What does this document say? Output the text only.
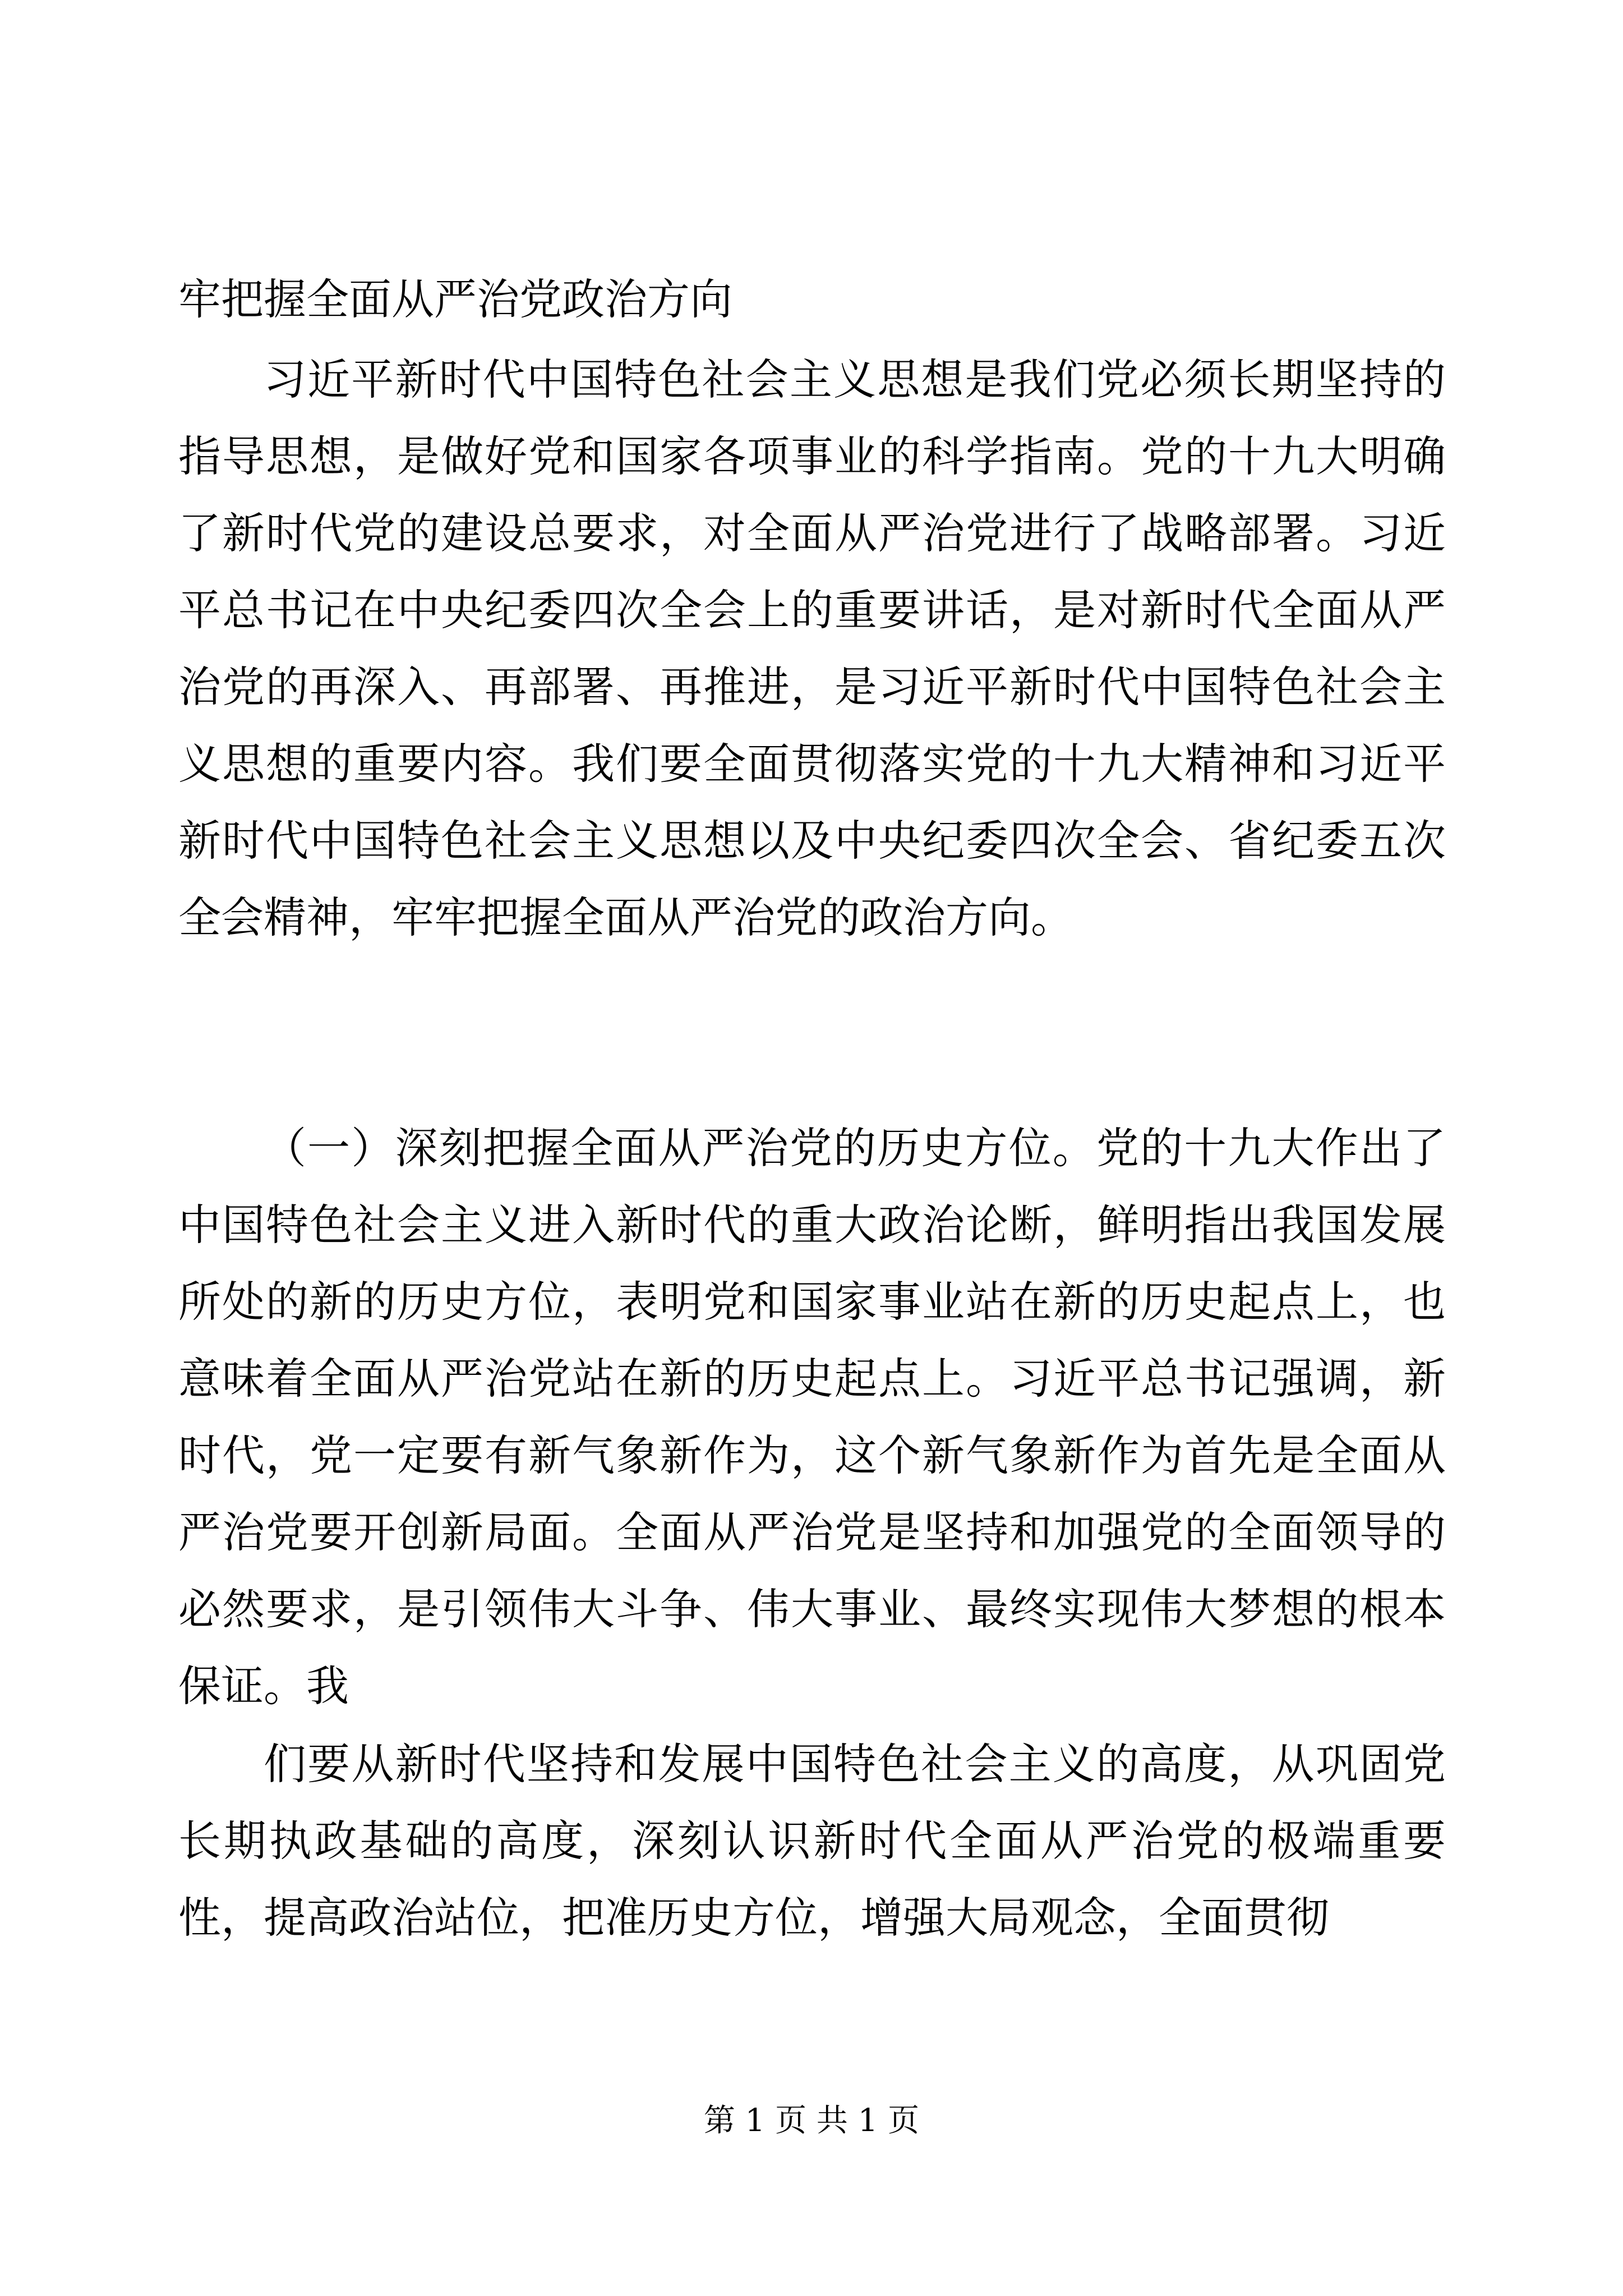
牢把握全面从严治党政治方向

习近平新时代中国特色社会主义思想是我们党必须长期坚持的指导思想，是做好党和国家各项事业的科学指南。党的十九大明确了新时代党的建设总要求，对全面从严治党进行了战略部署。习近平总书记在中央纪委四次全会上的重要讲话，是对新时代全面从严治党的再深入、再部署、再推进，是习近平新时代中国特色社会主义思想的重要内容。我们要全面贯彻落实党的十九大精神和习近平新时代中国特色社会主义思想以及中央纪委四次全会、省纪委五次全会精神，牢牢把握全面从严治党的政治方向。

（一）深刻把握全面从严治党的历史方位。党的十九大作出了中国特色社会主义进入新时代的重大政治论断，鲜明指出我国发展所处的新的历史方位，表明党和国家事业站在新的历史起点上，也意味着全面从严治党站在新的历史起点上。习近平总书记强调，新时代，党一定要有新气象新作为，这个新气象新作为首先是全面从严治党要开创新局面。全面从严治党是坚持和加强党的全面领导的必然要求，是引领伟大斗争、伟大事业、最终实现伟大梦想的根本保证。我

们要从新时代坚持和发展中国特色社会主义的高度，从巩固党长期执政基础的高度，深刻认识新时代全面从严治党的极端重要性，提高政治站位，把准历史方位，增强大局观念，全面贯彻

第 1 页 共 1 页
